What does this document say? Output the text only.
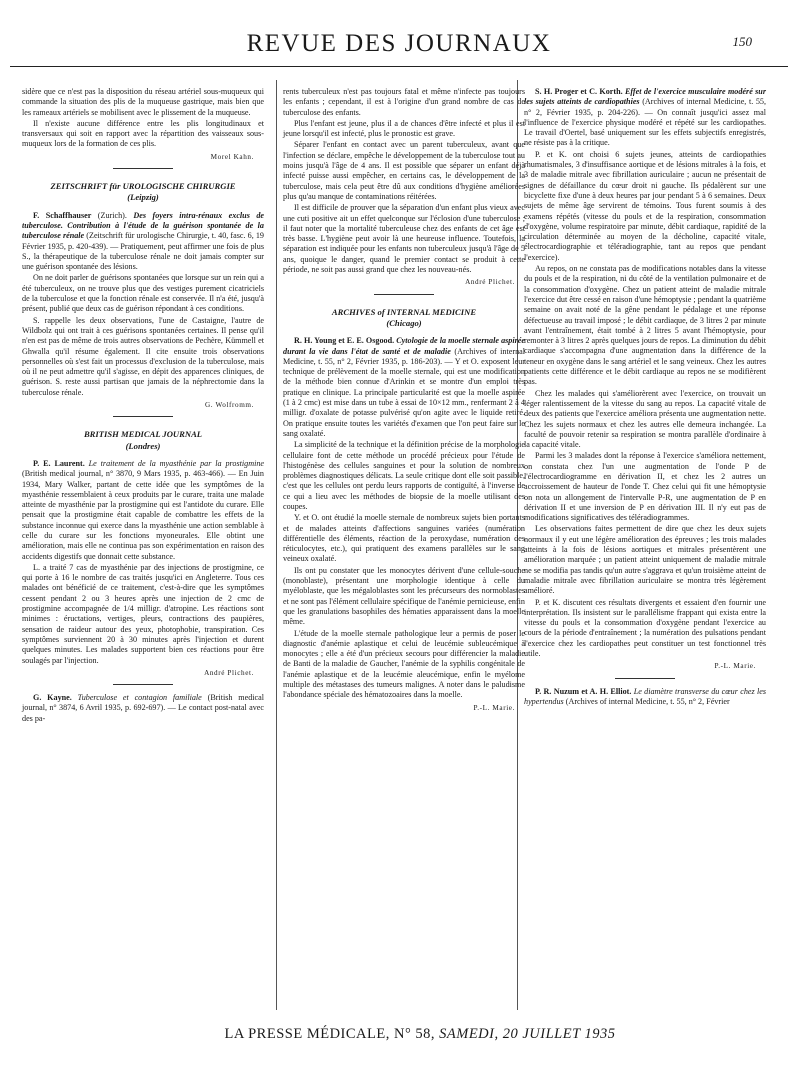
REVUE DES JOURNAUX	150

sidère que ce n'est pas la disposition du réseau artériel sous-muqueux qui commande la situation des plis de la muqueuse gastrique, mais bien que les rameaux artériels se mobilisent avec le plissement de la muqueuse.

Il n'existe aucune différence entre les plis longitudinaux et transversaux qui soit en rapport avec la répartition des vaisseaux sous-muqueux lors de la formation de ces plis.

Morel Kahn.
ZEITSCHRIFT für UROLOGISCHE CHIRURGIE
(Leipzig)

F. Schaffhauser (Zurich). Des foyers intra-rénaux exclus de tuberculose. Contribution à l'étude de la guérison spontanée de la tuberculose rénale (Zeitschrift für urologische Chirurgie, t. 40, fasc. 6, 19 Février 1935, p. 420-439). — Pratiquement, peut affirmer une fois de plus S., la thérapeutique de la tuberculose rénale ne doit jamais compter sur une guérison spontanée des lésions.

On ne doit parler de guérisons spontanées que lorsque sur un rein qui a été tuberculeux, on ne trouve plus que des vestiges purement cicatriciels de la tuberculose et que la fonction rénale est conservée. Il n'a été, jusqu'à présent, publié que deux cas de guérison répondant à ces conditions.

S. rappelle les deux observations, l'une de Castaigne, l'autre de Wildbolz qui ont trait à ces guérisons spontanées certaines. Il pense qu'il n'en est pas de même de trois autres observations de Pechère, Kümmell et Ghwalla qu'il résume également. Il cite ensuite trois observations personnelles où s'est fait un processus d'exclusion de la tuberculose, mais où il ne peut admettre qu'il s'agisse, en dépit des apparences cliniques, de guérison. S. reste aussi partisan que jamais de la néphrectomie dans la tuberculose rénale.

G. Wolfromm.
BRITISH MEDICAL JOURNAL
(Londres)

P. E. Laurent. Le traitement de la myasthénie par la prostigmine (British medical journal, n° 3870, 9 Mars 1935, p. 463-466). — En Juin 1934, Mary Walker, partant de cette idée que les symptômes de la myasthénie ressemblaient à ceux produits par le curare, traita une malade atteinte de myasthénie par la prostigmine qui est l'antidote du curare. Elle pensait que la prostigmine était capable de combattre les effets de la substance inconnue qui exerce dans la myasthénie une action semblable à celle du curare sur les fonctions myoneurales. Elle obtint une amélioration, mais elle ne continua pas son expérimentation en raison des accidents digestifs que donnait cette substance.

L. a traité 7 cas de myasthénie par des injections de prostigmine, ce qui porte à 16 le nombre de cas traités jusqu'ici en Angleterre. Tous ces malades ont bénéficié de ce traitement, c'est-à-dire que les symptômes cessent pendant 2 ou 3 heures après une injection de 2 cmc de prostigmine accompagnée de 1/4 milligr. d'atropine. Les réactions sont minimes : éructations, vertiges, pleurs, contractions des paupières, sensation de raideur autour des yeux, photophobie, transpiration. Ces symptômes surviennent 20 à 30 minutes après l'injection et durent quelques minutes. Les malades supportent bien ces réactions pour être soulagés par l'injection.

André Plichet.

G. Kayne. Tuberculose et contagion familiale (British medical journal, n° 3874, 6 Avril 1935, p. 692-697). — Le contact post-natal avec des pa-

rents tuberculeux n'est pas toujours fatal et même n'infecte pas toujours les enfants ; cependant, il est à l'origine d'un grand nombre de cas de tuberculose des enfants.

Plus l'enfant est jeune, plus il a de chances d'être infecté et plus il est jeune lorsqu'il est infecté, plus le pronostic est grave.

Séparer l'enfant en contact avec un parent tuberculeux, avant que l'infection se déclare, empêche le développement de la tuberculose tout au moins jusqu'à l'âge de 4 ans. Il est possible que séparer un enfant déjà infecté puisse aussi empêcher, en certains cas, le développement de la tuberculose, mais cela peut être dû aux conditions d'hygiène améliorées plus qu'au manque de contaminations réitérées.

Il est difficile de prouver que la séparation d'un enfant plus vieux avec une cuti positive ait un effet quelconque sur l'éclosion d'une tuberculose ; il faut noter que la mortalité tuberculeuse chez des enfants de cet âge est très basse. L'hygiène peut avoir là une heureuse influence. Toutefois, la séparation est indiquée pour les enfants non tuberculeux jusqu'à l'âge de 5 ans, quoique le danger, quand le premier contact se produit à cette période, ne soit pas aussi grand que chez les nouveau-nés.

André Plichet.
ARCHIVES of INTERNAL MEDICINE
(Chicago)

R. H. Young et E. E. Osgood. Cytologie de la moelle sternale aspirée durant la vie dans l'état de santé et de maladie (Archives of internal Medicine, t. 55, n° 2, Février 1935, p. 186-203). — Y et O. exposent leur technique de prélèvement de la moelle sternale, qui est une modification de la méthode bien connue d'Arinkin et se montre d'un emploi très pratique en clinique. La principale particularité est que la moelle aspirée (1 à 2 cmc) est mise dans un tube à essai de 10×12 mm., renfermant 2 à 4 milligr. d'oxalate de potasse pulvérisé qu'on agite avec le liquide retiré. On pratique ensuite toutes les variétés d'examen que l'on peut faire sur le sang oxalaté.

La simplicité de la technique et la définition précise de la morphologie cellulaire font de cette méthode un procédé précieux pour l'étude de l'histogénèse des cellules sanguines et pour la solution de nombreux problèmes diagnostiques délicats. La seule critique dont elle soit passible, c'est que les cellules ont perdu leurs rapports de contiguïté, à l'inverse de ce qui a lieu avec les méthodes de biopsie de la moelle utilisant des coupes.

Y. et O. ont étudié la moelle sternale de nombreux sujets bien portants et de malades atteints d'affections sanguines variées (numération différentielle des éléments, réaction de la peroxydase, numération des réticulocytes, etc.), qui pratiquent des examens parallèles sur le sang veineux oxalaté.

Ils ont pu constater que les monocytes dérivent d'une cellule-souche (monoblaste), présentant une morphologie identique à celle du myéloblaste, que les mégaloblastes sont les précurseurs des normoblastes et ne sont pas l'élément cellulaire spécifique de l'anémie pernicieuse, enfin que les granulations basophiles des hématies apparaissent dans la moelle même.

L'étude de la moelle sternale pathologique leur a permis de poser le diagnostic d'anémie aplastique et celui de leucémie subleucémique à monocytes ; elle a été d'un précieux secours pour différencier la maladie de Banti de la maladie de Gaucher, l'anémie de la syphilis congénitale de l'anémie aplastique et de la leucémie aleucémique, enfin le myélome multiple des métastases des tumeurs malignes. A noter dans le paludisme l'abondance spéciale des hématozoaires dans la moelle.

P.-L. Marie.

S. H. Proger et C. Korth. Effet de l'exercice musculaire modéré sur les sujets atteints de cardiopathies (Archives of internal Medicine, t. 55, n° 2, Février 1935, p. 204-226). — On connaît jusqu'ici assez mal l'influence de l'exercice physique modéré et répété sur les cardiopathes. Le travail d'Oertel, basé uniquement sur les effets subjectifs enregistrés, ne résiste pas à la critique.

P. et K. ont choisi 6 sujets jeunes, atteints de cardiopathies rhumatismales, 3 d'insuffisance aortique et de lésions mitrales à la fois, et 3 de maladie mitrale avec fibrillation auriculaire ; aucun ne présentait de signes de défaillance du cœur droit ni gauche. Ils pédalèrent sur une bicyclette fixe d'une à deux heures par jour pendant 5 à 6 semaines. Deux sujets de même âge servirent de témoins. Tous furent soumis à des examens répétés (vitesse du pouls et de la respiration, consommation d'oxygène, volume respiratoire par minute, débit cardiaque, rapidité de la circulation déterminée au moyen de la décholine, capacité vitale, électrocardiographie et téléradiographie, tant au repos que pendant l'exercice).

Au repos, on ne constata pas de modifications notables dans la vitesse du pouls et de la respiration, ni du côté de la ventilation pulmonaire et de la consommation d'oxygène. Chez un patient atteint de maladie mitrale l'exercice dut être cessé en raison d'une hémoptysie ; pendant la quatrième semaine on avait noté de la gêne pendant le pédalage et une réponse défectueuse au travail imposé ; le débit cardiaque, de 3 litres 2 par minute avant l'entraînement, était tombé à 2 litres 5 avant l'hémoptysie, pour remonter à 3 litres 2 après quelques jours de repos. La diminution du débit cardiaque s'accompagna d'une augmentation dans la différence de la teneur en oxygène dans le sang artériel et le sang veineux. Chez les autres patients cette différence et le débit cardiaque au repos ne se modifièrent pas.

Chez les malades qui s'améliorèrent avec l'exercice, on trouvait un léger ralentissement de la vitesse du sang au repos. La capacité vitale de deux des patients que l'exercice améliora présenta une augmentation nette. Chez les sujets normaux et chez les autres elle demeura inchangée. La faculté de pouvoir retenir sa respiration se montra parallèle d'ordinaire à la capacité vitale.

Parmi les 3 malades dont la réponse à l'exercice s'améliora nettement, on constata chez l'un une augmentation de l'onde P de l'électrocardiogramme en dérivation II, et chez les 2 autres un accroissement de hauteur de l'onde T. Chez celui qui fit une hémoptysie on nota un allongement de l'intervalle P-R, une augmentation de P en dérivation II et une inversion de P en dérivation III. Il n'y eut pas de modifications significatives des téléradiogrammes.

Les observations faites permettent de dire que chez les deux sujets normaux il y eut une légère amélioration des épreuves ; les trois malades atteints à la fois de lésions aortiques et mitrales présentèrent une amélioration marquée ; un patient atteint uniquement de maladie mitrale ne se modifia pas tandis qu'un autre s'aggrava et qu'un troisième atteint de maladie mitrale avec fibrillation auriculaire se montra très légèrement amélioré.

P. et K. discutent ces résultats divergents et essaient d'en fournir une interprétation. Ils insistent sur le parallélisme frappant qui exista entre la vitesse du pouls et la consommation d'oxygène pendant l'exercice au cours de la période d'entraînement ; la numération des pulsations pendant l'exercice chez les cardiopathes peut constituer un test fonctionnel très utile.

P.-L. Marie.

P. R. Nuzum et A. H. Elliot. Le diamètre transverse du cœur chez les hypertendus (Archives of internal Medicine, t. 55, n° 2, Février

LA PRESSE MÉDICALE, N° 58, SAMEDI, 20 JUILLET 1935
